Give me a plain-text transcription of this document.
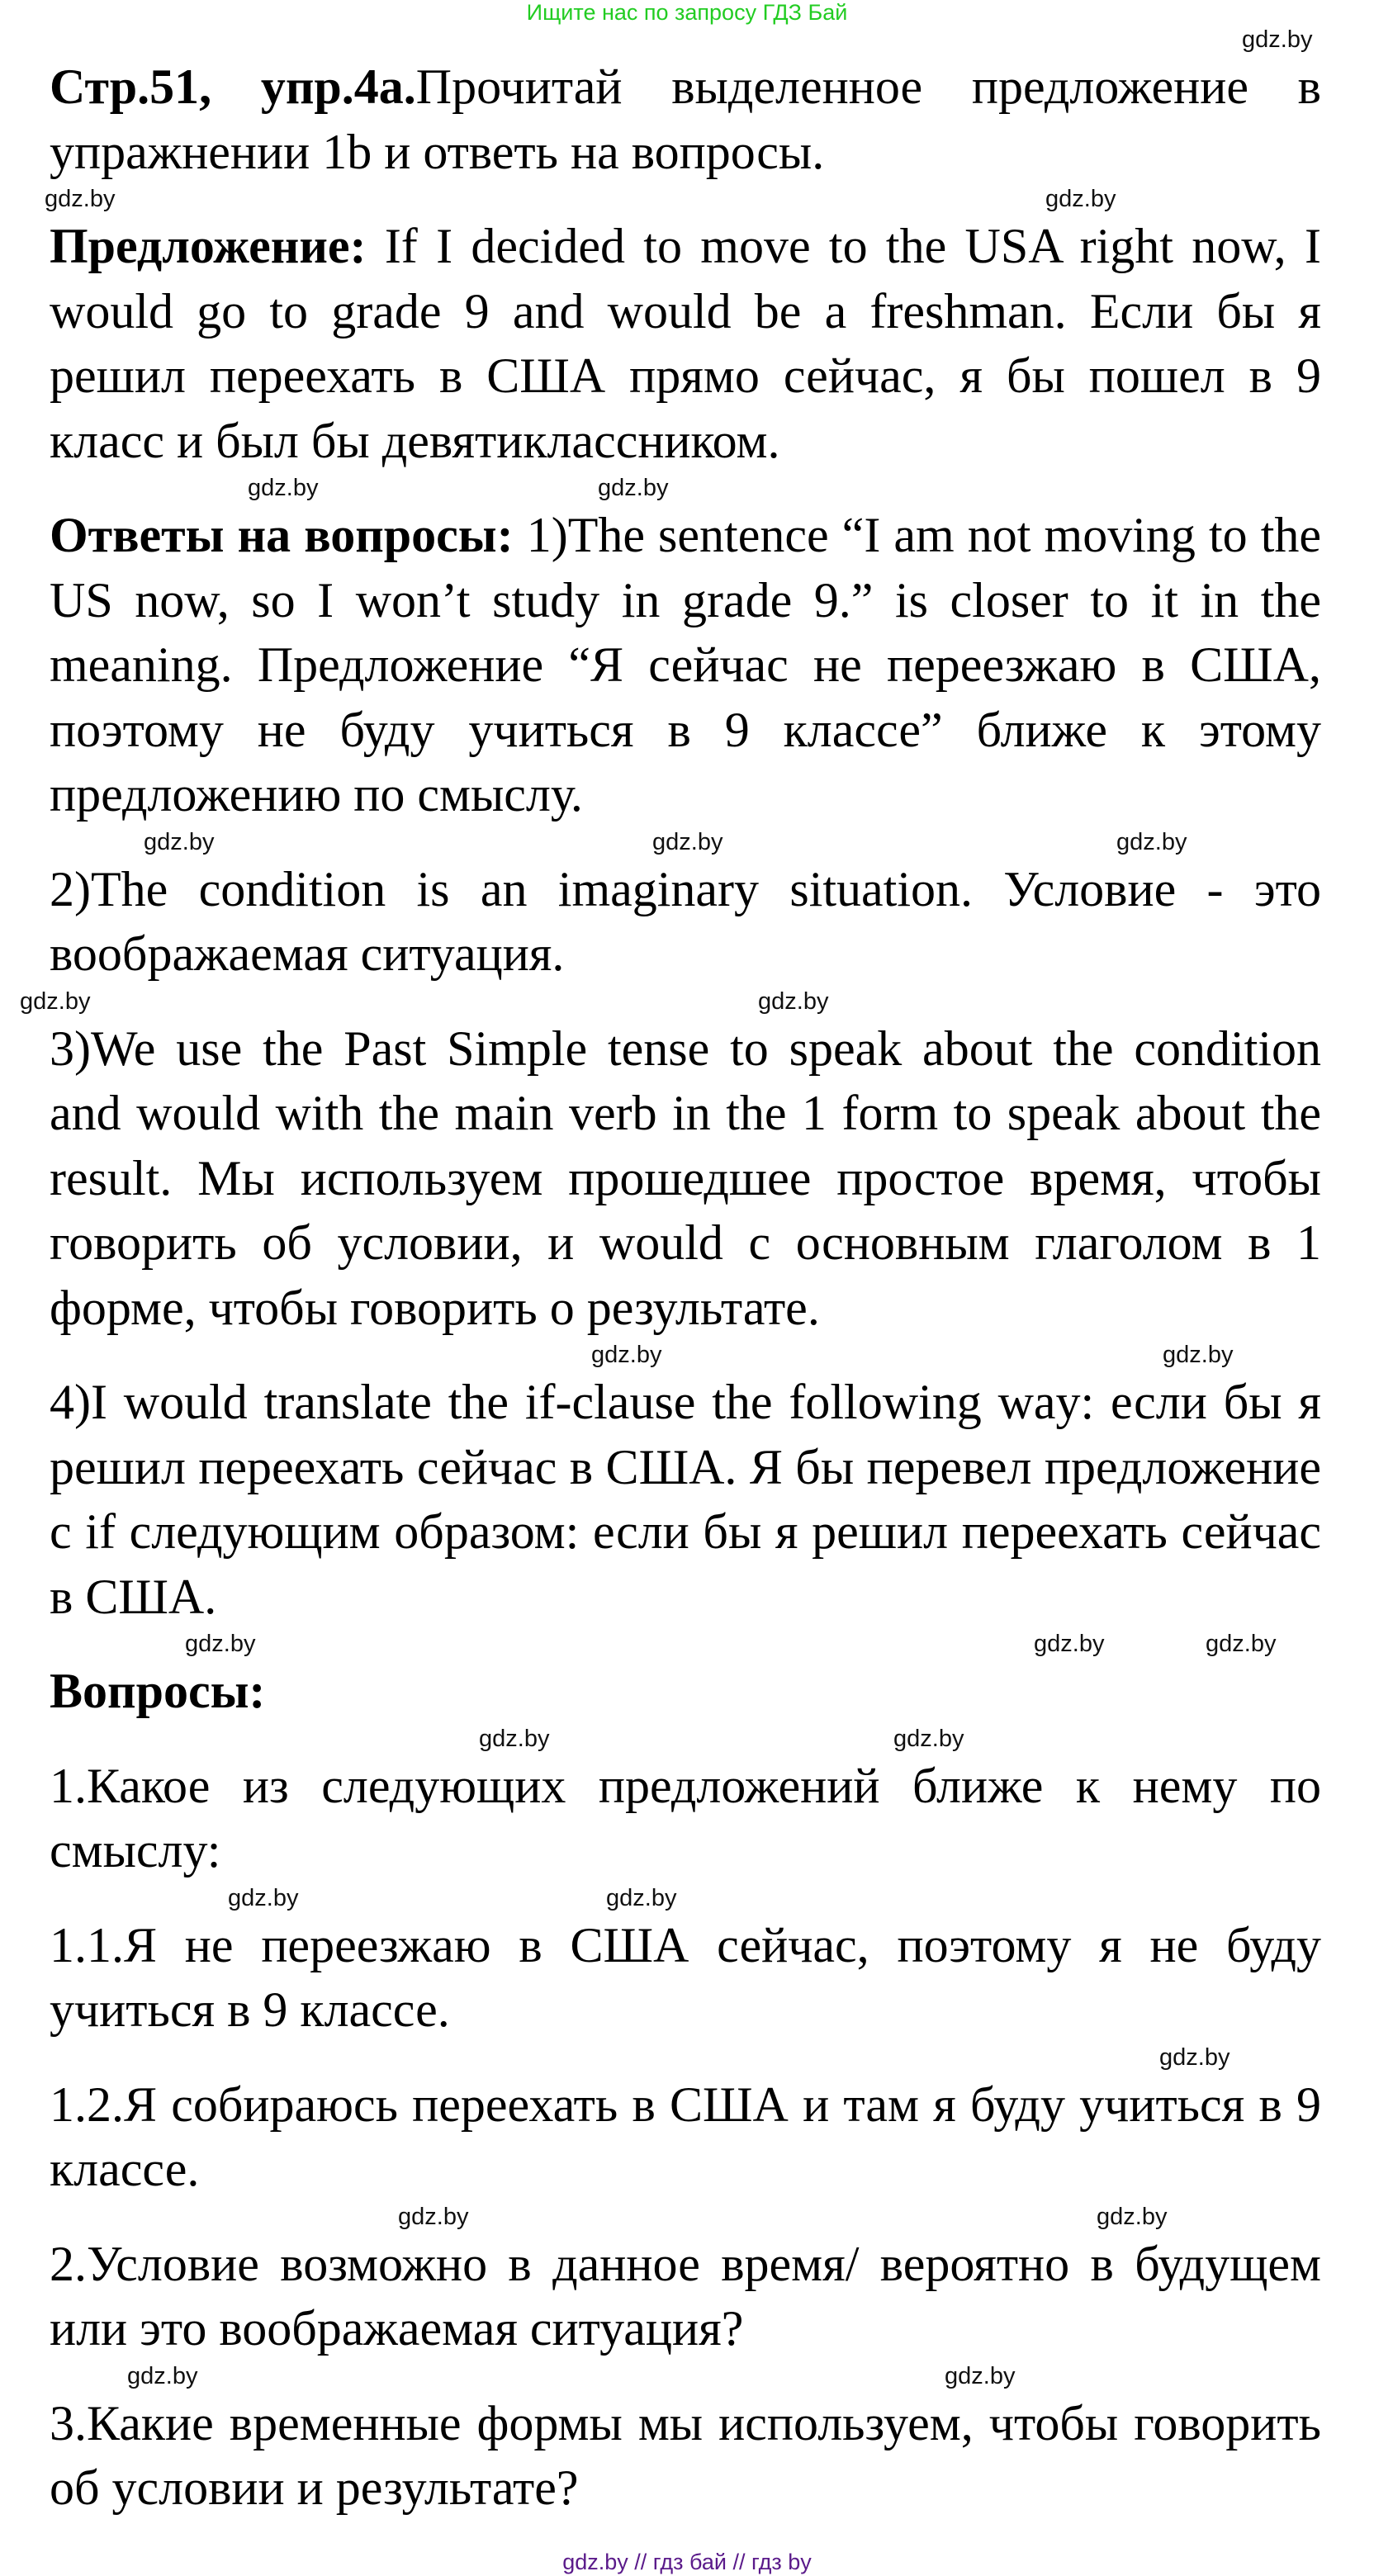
Ищите нас по запросу ГДЗ Бай
gdz.by

Стр.51, упр.4а.Прочитай выделенное предложение в упражнении 1b и ответь на вопросы.

gdz.by
gdz.by

Предложение: If I decided to move to the USA right now, I would go to grade 9 and would be a freshman. Если бы я решил переехать в США прямо сейчас, я бы пошел в 9 класс и был бы девятиклассником.

gdz.by	gdz.by

Ответы на вопросы: 1)The sentence “I am not moving to the US now, so I won’t study in grade 9.” is closer to it in the meaning. Предложение “Я сейчас не переезжаю в США, поэтому не буду учиться в 9 классе” ближе к этому предложению по смыслу.

gdz.by
gdz.by
gdz.by

2)The condition is an imaginary situation. Условие - это воображаемая ситуация.

gdz.by
gdz.by

3)We use the Past Simple tense to speak about the condition and would with the main verb in the 1 form to speak about the result. Мы используем прошедшее простое время, чтобы говорить об условии, и would с основным глаголом в 1 форме, чтобы говорить о результате.

gdz.by
gdz.by

4)I would translate the if-clause the following way: если бы я решил переехать сейчас в США. Я бы перевел предложение с if следующим образом: если бы я решил переехать сейчас в США.

gdz.by
gdz.by
gdz.by

Вопросы:

gdz.by	gdz.by

1.Какое из следующих предложений ближе к нему по смыслу:

gdz.by	gdz.by

1.1.Я не переезжаю в США сейчас, поэтому я не буду учиться в 9 классе.

gdz.by

1.2.Я собираюсь переехать в США и там я буду учиться в 9 классе.

gdz.by
gdz.by

2.Условие возможно в данное время/ вероятно в будущем или это воображаемая ситуация?

gdz.by
gdz.by

3.Какие временные формы мы используем, чтобы говорить об условии и результате?

gdz.by // гдз бай // гдз by
